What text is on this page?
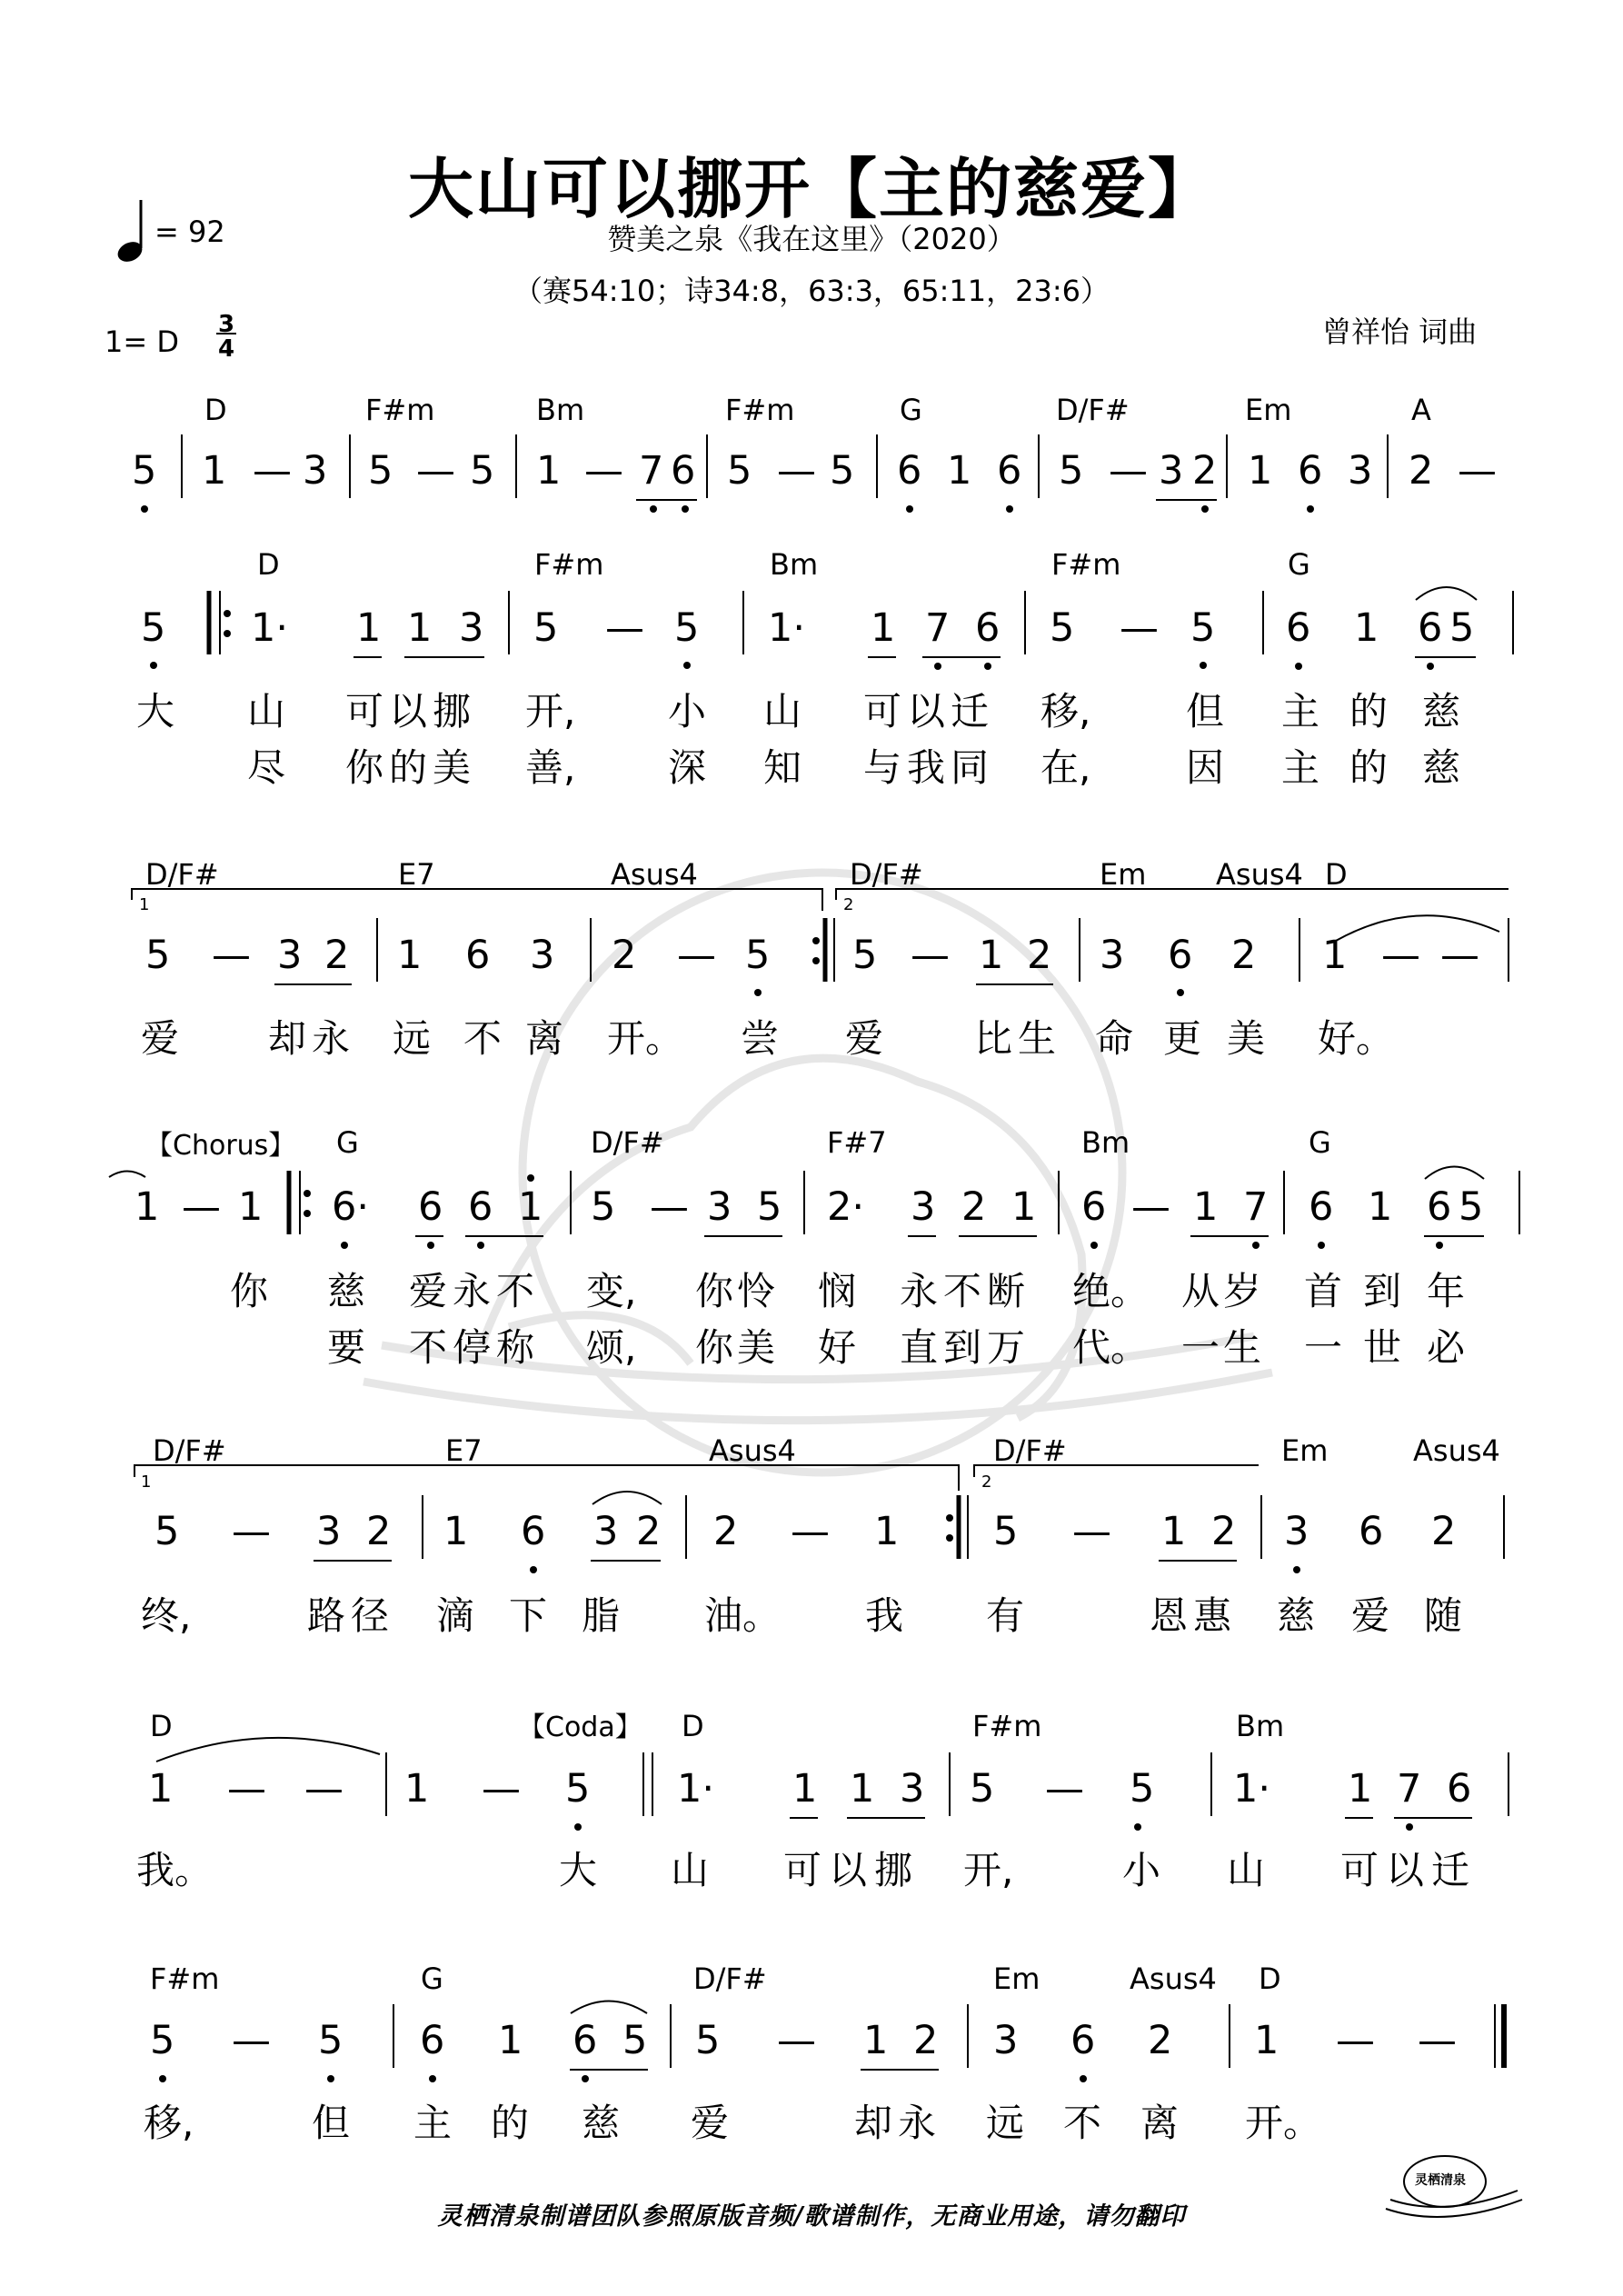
大山可以挪开【主的慈爱】
赞美之泉《我在这里》（2020）
（赛54:10；诗34:8，63:3，65:11，23:6）
= 92
1= D 3
4	曾祥怡 词曲
D	F#m	Bm	F#m	G	D/F#	Em	A
5 1 — 3 5 — 5 1 — 7 6 5 — 5 6 1 6 5 — 3 2 1 6 3 2 —
D	F#m	Bm	F#m	G
5 1· 1 1 3 5 — 5 1· 1 7 6 5 — 5 6 1 6 5
大 山 可以挪 开, 小 山 可以迁 移, 但 主 的 慈
尽 你的美 善, 深 知 与我同 在, 因 主 的 慈
D/F#	E7	Asus4	D/F#	Em Asus4 D
1	2
5 — 3 2 1 6 3 2 — 5 5 — 1 2 3 6 2 1 — —
爱 却永 远 不 离 开。 尝 爱 比生 命 更 美 好。
【Chorus】 G	D/F#	F#7	Bm	G
1 — 1 6· 6 6 1 5 — 3 5 2· 3 2 1 6 — 1 7 6 1 6 5
你 慈 爱永不 变, 你怜 悯 永不断 绝。 从岁 首 到 年
要 不停称 颂, 你美 好 直到万 代。 一生 一 世 必
D/F#	E7	Asus4	D/F#	Em	Asus4
1	2
5 — 3 2 1 6 3 2 2 — 1 5 — 1 2 3 6 2
终,	路径 滴 下 脂 油。 我 有	恩惠 慈 爱 随
D	【Coda】 D	F#m	Bm
1 — — 1 — 5 1· 1 1 3 5 — 5 1· 1 7 6
我。	大 山 可以挪 开,	小 山 可以迁
F#m	G	D/F#	Em	Asus4 D
5 — 5 6 1 6 5 5 — 1 2 3 6 2 1 — —
移,	但 主 的 慈 爱	却永 远 不 离 开。
灵栖清泉
灵栖清泉制谱团队参照原版音频/歌谱制作，无商业用途，请勿翻印
